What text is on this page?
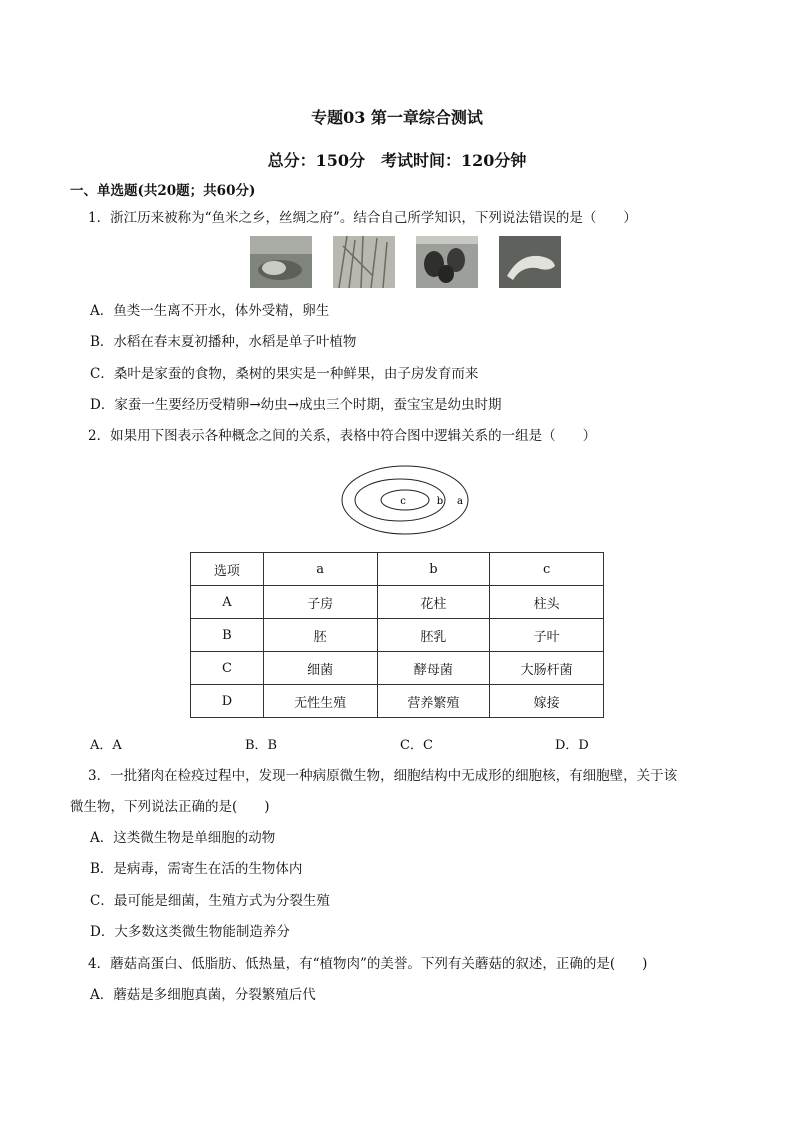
专题03 第一章综合测试
总分：150分　考试时间：120分钟
一、单选题(共20题；共60分)
1．浙江历来被称为“鱼米之乡，丝绸之府”。结合自己所学知识，下列说法错误的是（　　）
A．鱼类一生离不开水，体外受精，卵生
B．水稻在春末夏初播种，水稻是单子叶植物
C．桑叶是家蚕的食物，桑树的果实是一种鲜果，由子房发育而来
D．家蚕一生要经历受精卵→幼虫→成虫三个时期，蚕宝宝是幼虫时期
2．如果用下图表示各种概念之间的关系，表格中符合图中逻辑关系的一组是（　　）
c	b a
选项	a	b	c
A	子房	花柱	柱头
B	胚	胚乳	子叶
C	细菌	酵母菌	大肠杆菌
D	无性生殖	营养繁殖	嫁接
A．A	B．B	C．C	D．D
3．一批猪肉在检疫过程中，发现一种病原微生物，细胞结构中无成形的细胞核，有细胞壁，关于该
微生物，下列说法正确的是(　　)
A．这类微生物是单细胞的动物
B．是病毒，需寄生在活的生物体内
C．最可能是细菌，生殖方式为分裂生殖
D．大多数这类微生物能制造养分
4．蘑菇高蛋白、低脂肪、低热量，有“植物肉”的美誉。下列有关蘑菇的叙述，正确的是(　　)
A．蘑菇是多细胞真菌，分裂繁殖后代
